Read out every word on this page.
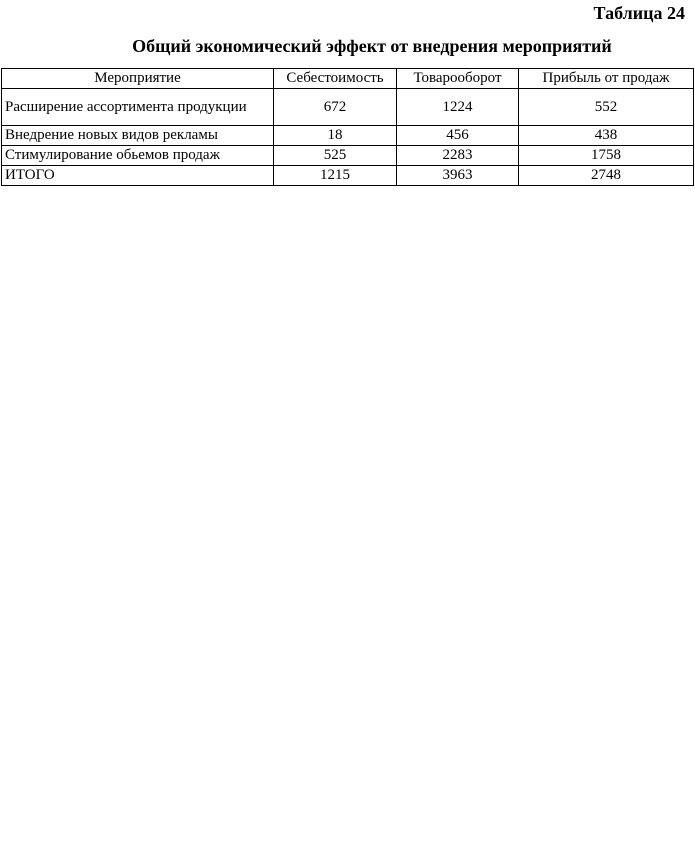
Таблица 24
Общий экономический эффект от внедрения мероприятий
Мероприятие	Себестоимость	Товарооборот	Прибыль от продаж
Расширение ассортимента продукции	672	1224	552
Внедрение новых видов рекламы	18	456	438
Стимулирование обьемов продаж	525	2283	1758
ИТОГО	1215	3963	2748
